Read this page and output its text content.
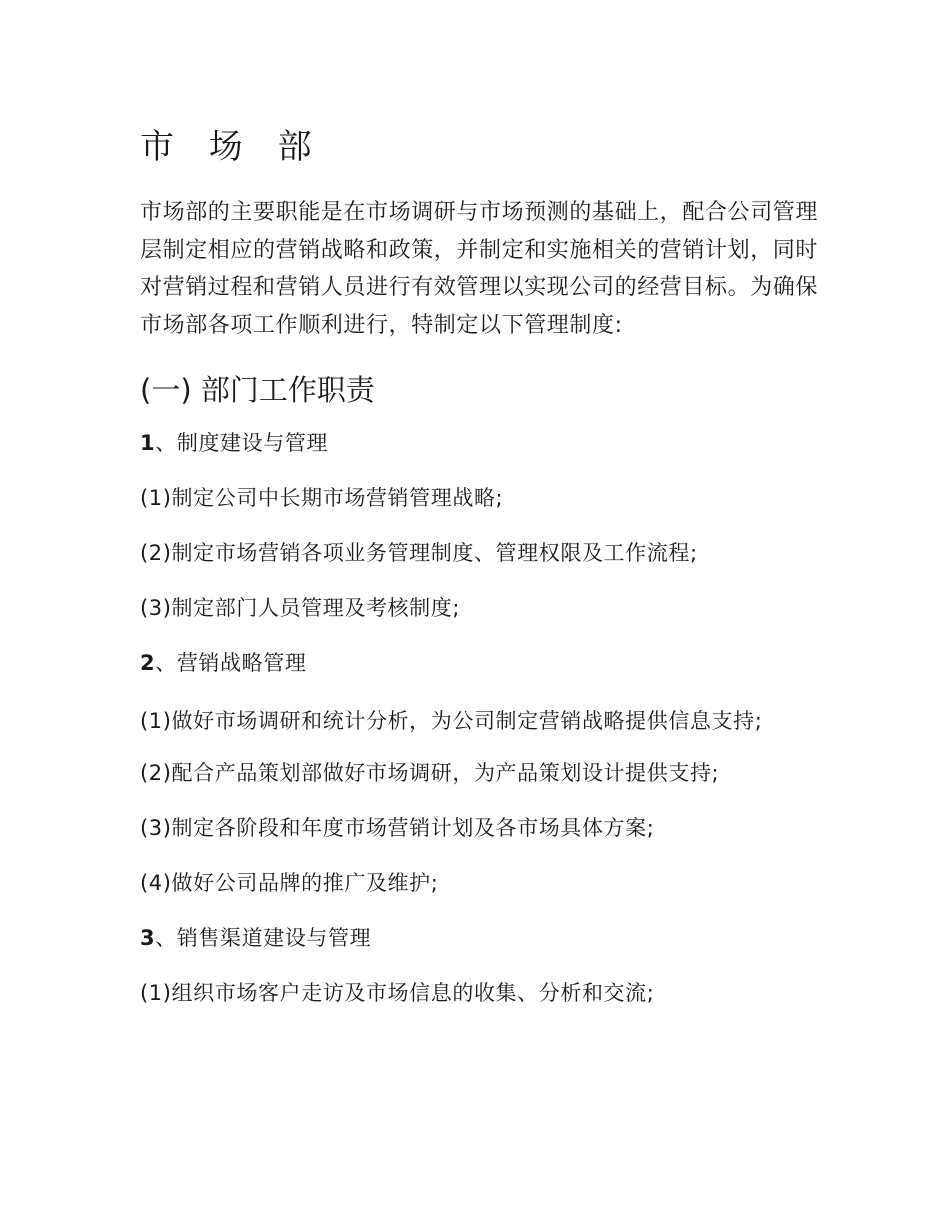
市 场 部

市场部的主要职能是在市场调研与市场预测的基础上，配合公司管理层制定相应的营销战略和政策，并制定和实施相关的营销计划，同时对营销过程和营销人员进行有效管理以实现公司的经营目标。为确保市场部各项工作顺利进行，特制定以下管理制度:

(一) 部门工作职责
1、制度建设与管理
(1)制定公司中长期市场营销管理战略;
(2)制定市场营销各项业务管理制度、管理权限及工作流程;
(3)制定部门人员管理及考核制度;
2、营销战略管理
(1)做好市场调研和统计分析，为公司制定营销战略提供信息支持;
(2)配合产品策划部做好市场调研，为产品策划设计提供支持;
(3)制定各阶段和年度市场营销计划及各市场具体方案;
(4)做好公司品牌的推广及维护;
3、销售渠道建设与管理
(1)组织市场客户走访及市场信息的收集、分析和交流;
